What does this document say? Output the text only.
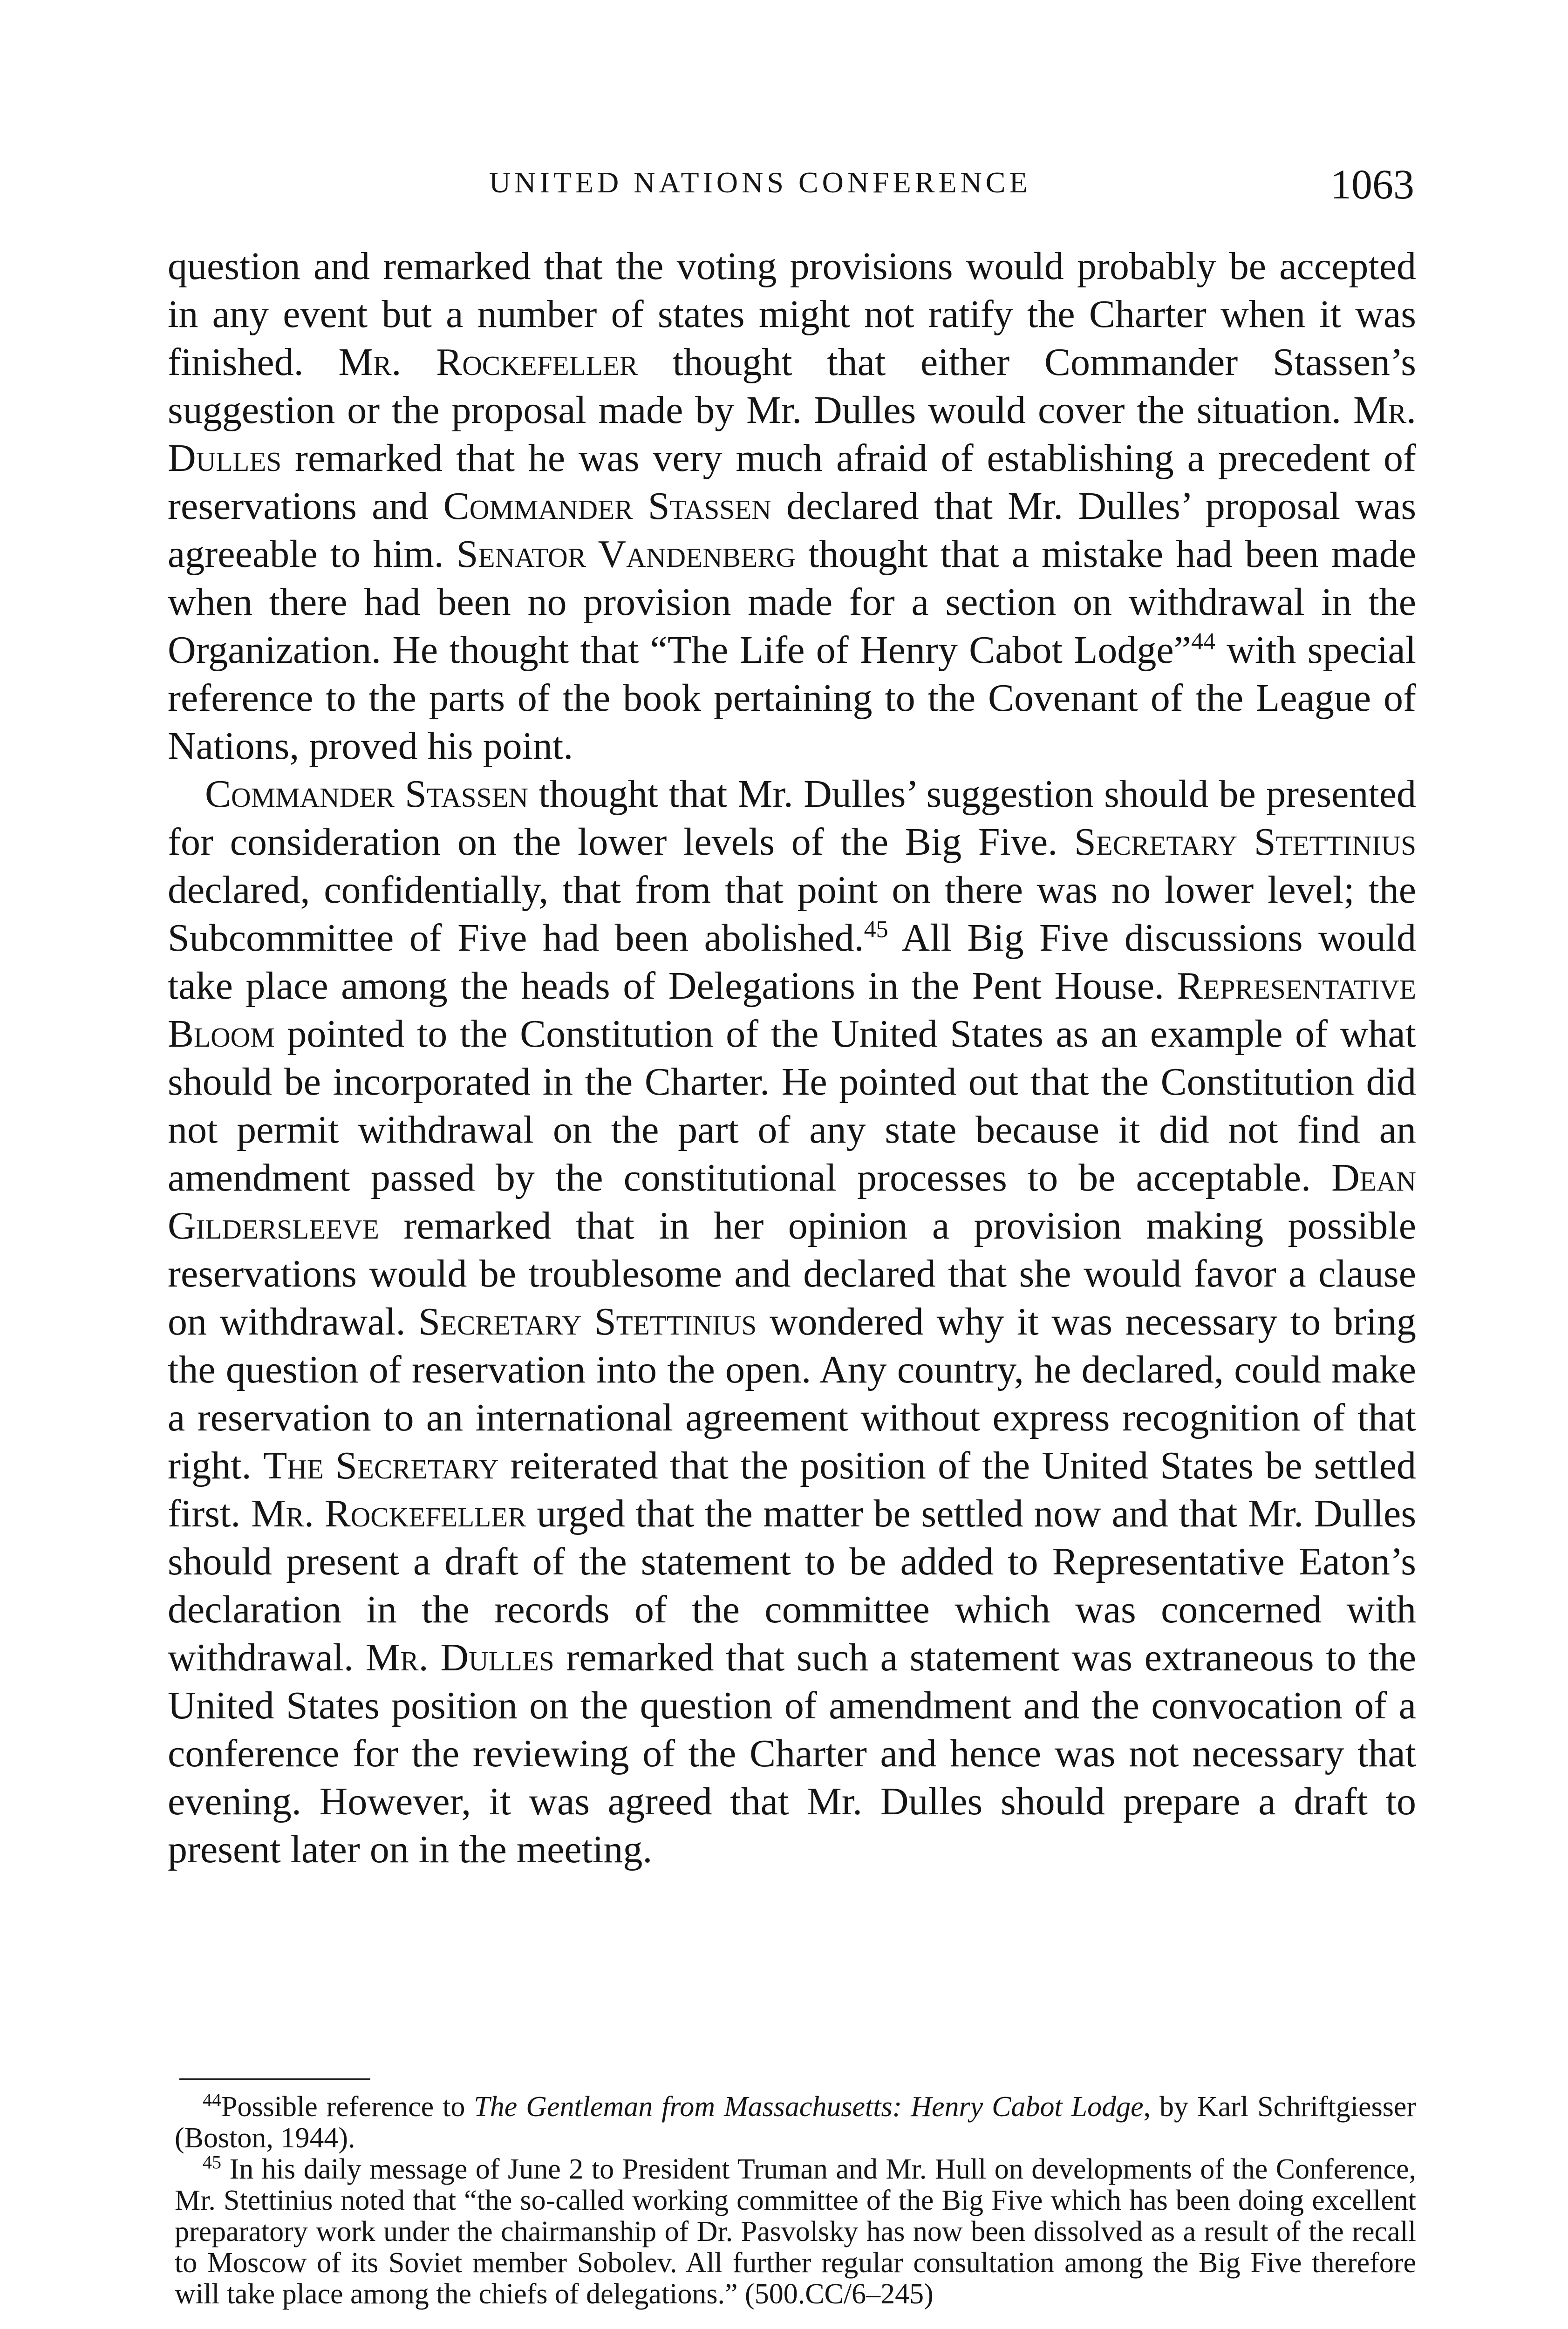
UNITED NATIONS CONFERENCE	1063

question and remarked that the voting provisions would probably be accepted in any event but a number of states might not ratify the Charter when it was finished. Mr. Rockefeller thought that either Commander Stassen’s suggestion or the proposal made by Mr. Dulles would cover the situation. Mr. Dulles remarked that he was very much afraid of establishing a precedent of reservations and Commander Stassen declared that Mr. Dulles’ proposal was agreeable to him. Senator Vandenberg thought that a mistake had been made when there had been no provision made for a section on withdrawal in the Organization. He thought that “The Life of Henry Cabot Lodge”$^{44}$ with special reference to the parts of the book pertaining to the Covenant of the League of Nations, proved his point.

Commander Stassen thought that Mr. Dulles’ suggestion should be presented for consideration on the lower levels of the Big Five. Secretary Stettinius declared, confidentially, that from that point on there was no lower level; the Subcommittee of Five had been abolished.$^{45}$ All Big Five discussions would take place among the heads of Delegations in the Pent House. Representative Bloom pointed to the Constitution of the United States as an example of what should be incorporated in the Charter. He pointed out that the Constitution did not permit withdrawal on the part of any state because it did not find an amendment passed by the constitutional processes to be acceptable. Dean Gildersleeve remarked that in her opinion a provision making possible reservations would be troublesome and declared that she would favor a clause on withdrawal. Secretary Stettinius wondered why it was necessary to bring the question of reservation into the open. Any country, he declared, could make a reservation to an international agreement without express recognition of that right. The Secretary reiterated that the position of the United States be settled first. Mr. Rockefeller urged that the matter be settled now and that Mr. Dulles should present a draft of the statement to be added to Representative Eaton’s declaration in the records of the committee which was concerned with withdrawal. Mr. Dulles remarked that such a statement was extraneous to the United States position on the question of amendment and the convocation of a conference for the reviewing of the Charter and hence was not necessary that evening. However, it was agreed that Mr. Dulles should prepare a draft to present later on in the meeting.

$^{44}$Possible reference to The Gentleman from Massachusetts: Henry Cabot Lodge, by Karl Schriftgiesser (Boston, 1944).

$^{45}$ In his daily message of June 2 to President Truman and Mr. Hull on developments of the Conference, Mr. Stettinius noted that “the so-called working committee of the Big Five which has been doing excellent preparatory work under the chairmanship of Dr. Pasvolsky has now been dissolved as a result of the recall to Moscow of its Soviet member Sobolev. All further regular consultation among the Big Five therefore will take place among the chiefs of delegations.” (500.CC/6–245)
